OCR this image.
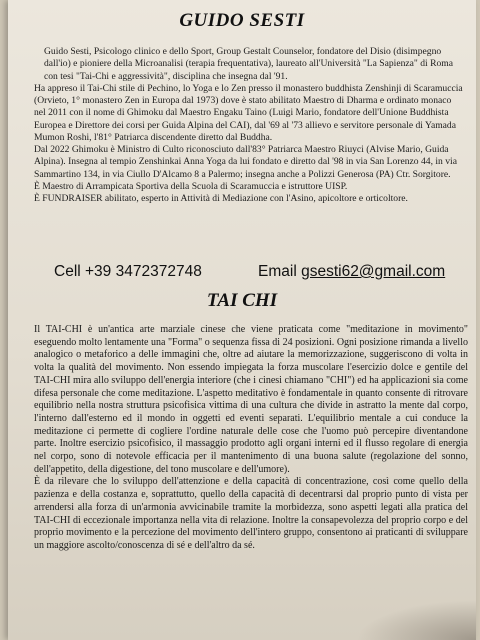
GUIDO SESTI

Guido Sesti, Psicologo clinico e dello Sport, Group Gestalt Counselor, fondatore del Disio (disimpegno dall'io) e pioniere della Microanalisi (terapia frequentativa), laureato all'Università "La Sapienza" di Roma con tesi "Tai-Chi e aggressività", disciplina che insegna dal '91.

Ha appreso il Tai-Chi stile di Pechino, lo Yoga e lo Zen presso il monastero buddhista Zenshinji di Scaramuccia (Orvieto, 1° monastero Zen in Europa dal 1973) dove è stato abilitato Maestro di Dharma e ordinato monaco nel 2011 con il nome di Ghimoku dal Maestro Engaku Taino (Luigi Mario, fondatore dell'Unione Buddhista Europea e Direttore dei corsi per Guida Alpina del CAI), dal '69 al '73 allievo e servitore personale di Yamada Mumon Roshi, l'81° Patriarca discendente diretto dal Buddha.

Dal 2022 Ghimoku è Ministro di Culto riconosciuto dall'83° Patriarca Maestro Riuyci (Alvise Mario, Guida Alpina). Insegna al tempio Zenshinkai Anna Yoga da lui fondato e diretto dal '98 in via San Lorenzo 44, in via Sammartino 134, in via Ciullo D'Alcamo 8 a Palermo; insegna anche a Polizzi Generosa (PA) Ctr. Sorgitore.

È Maestro di Arrampicata Sportiva della Scuola di Scaramuccia e istruttore UISP.

È FUNDRAISER abilitato, esperto in Attività di Mediazione con l'Asino, apicoltore e orticoltore.

Cell +39 3472372748	Email gsesti62@gmail.com
TAI CHI

Il TAI-CHI è un'antica arte marziale cinese che viene praticata come "meditazione in movimento" eseguendo molto lentamente una "Forma" o sequenza fissa di 24 posizioni. Ogni posizione rimanda a livello analogico o metaforico a delle immagini che, oltre ad aiutare la memorizzazione, suggeriscono di volta in volta la qualità del movimento. Non essendo impiegata la forza muscolare l'esercizio dolce e gentile del TAI-CHI mira allo sviluppo dell'energia interiore (che i cinesi chiamano "CHI") ed ha applicazioni sia come difesa personale che come meditazione. L'aspetto meditativo è fondamentale in quanto consente di ritrovare equilibrio nella nostra struttura psicofisica vittima di una cultura che divide in astratto la mente dal corpo, l'interno dall'esterno ed il mondo in oggetti ed eventi separati. L'equilibrio mentale a cui conduce la meditazione ci permette di cogliere l'ordine naturale delle cose che l'uomo può percepire diventandone parte. Inoltre esercizio psicofisico, il massaggio prodotto agli organi interni ed il flusso regolare di energia nel corpo, sono di notevole efficacia per il mantenimento di una buona salute (regolazione del sonno, dell'appetito, della digestione, del tono muscolare e dell'umore).

È da rilevare che lo sviluppo dell'attenzione e della capacità di concentrazione, così come quello della pazienza e della costanza e, soprattutto, quello della capacità di decentrarsi dal proprio punto di vista per arrendersi alla forza di un'armonia avvicinabile tramite la morbidezza, sono aspetti legati alla pratica del TAI-CHI di eccezionale importanza nella vita di relazione. Inoltre la consapevolezza del proprio corpo e del proprio movimento e la percezione del movimento dell'intero gruppo, consentono ai praticanti di sviluppare un maggiore ascolto/conoscenza di sé e dell'altro da sé.
